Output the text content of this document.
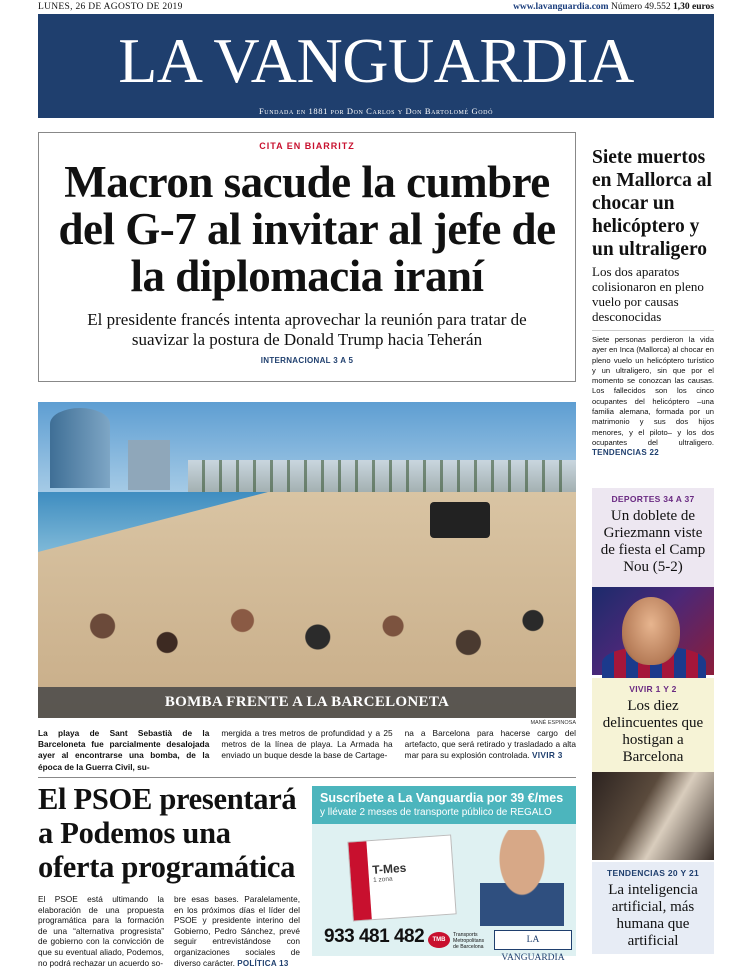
LUNES, 26 DE AGOSTO DE 2019	www.lavanguardia.com Número 49.552 1,30 euros
LA VANGUARDIA
Fundada en 1881 por Don Carlos y Don Bartolomé Godó
CITA EN BIARRITZ
Macron sacude la cumbre del G-7 al invitar al jefe de la diplomacia iraní
El presidente francés intenta aprovechar la reunión para tratar de suavizar la postura de Donald Trump hacia Teherán
INTERNACIONAL 3 A 5
Siete muertos en Mallorca al chocar un helicóptero y un ultraligero
Los dos aparatos colisionaron en pleno vuelo por causas desconocidas
Siete personas perdieron la vida ayer en Inca (Mallorca) al chocar en pleno vuelo un helicóptero turístico y un ultraligero, sin que por el momento se conozcan las causas. Los fallecidos son los cinco ocupantes del helicóptero –una familia alemana, formada por un matrimonio y sus dos hijos menores, y el piloto– y los dos ocupantes del ultraligero. TENDENCIAS 22
DEPORTES 34 A 37
Un doblete de Griezmann viste de fiesta el Camp Nou (5-2)
VIVIR 1 Y 2
Los diez delincuentes que hostigan a Barcelona
TENDENCIAS 20 Y 21
La inteligencia artificial, más humana que artificial
BOMBA FRENTE A LA BARCELONETA
MANÉ ESPINOSA

La playa de Sant Sebastià de la Barceloneta fue parcialmente desalojada ayer al encontrarse una bomba, de la época de la Guerra Civil, su-

mergida a tres metros de profundidad y a 25 metros de la línea de playa. La Armada ha enviado un buque desde la base de Cartage-

na a Barcelona para hacerse cargo del artefacto, que será retirado y trasladado a alta mar para su explosión controlada. VIVIR 3

El PSOE presentará a Podemos una oferta programática

El PSOE está ultimando la elaboración de una propuesta programática para la formación de una “alternativa progresista” de gobierno con la convicción de que su eventual aliado, Podemos, no podrá rechazar un acuerdo so-

bre esas bases. Paralelamente, en los próximos días el líder del PSOE y presidente interino del Gobierno, Pedro Sánchez, prevé seguir entrevistándose con organizaciones sociales de diverso carácter. POLÍTICA 13

Suscríbete a La Vanguardia por 39 €/mes
y llévate 2 meses de transporte público de REGALO
T-Mes
1 zona
933 481 482	TMB
Transports Metropolitans de Barcelona
LA VANGUARDIA
